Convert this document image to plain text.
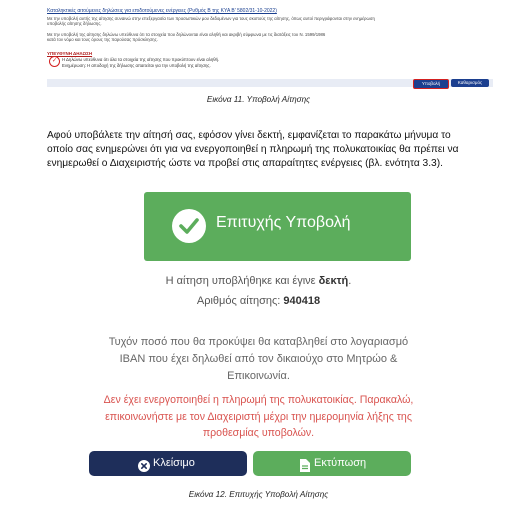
Καταληκτικές αιτούμενες δηλώσεις για επιδοτούμενες ενέργειες (Ρυθμός Β της ΚΥΑ Β' 5802/31-10-2022)
Με την υποβολή αυτής της αίτησης συναινώ στην επεξεργασία των προσωπικών μου δεδομένων για τους σκοπούς της αίτησης, όπως αυτοί περιγράφονται στην ενημέρωση
υποβολής αίτησης δήλωσης.
Με την υποβολή της αίτησης δηλώνω υπεύθυνα ότι τα στοιχεία που δηλώνονται είναι αληθή και ακριβή σύμφωνα με τις διατάξεις του Ν. 1599/1986
κατά τον νόμο και τους όρους της παρούσας πρόσκλησης.
ΥΠΕΥΘΥΝΗ ΔΗΛΩΣΗ
✓ Η Δηλώνω υπεύθυνα ότι όλα τα στοιχεία της αίτησης που προκύπτουν είναι αληθή.
Ενημέρωση: Η αποδοχή της δήλωσης απαιτείται για την υποβολή της αίτησης.
Υποβολή	Καθαρισμός
Εικόνα 11. Υποβολή Αίτησης
Αφού υποβάλετε την αίτησή σας, εφόσον γίνει δεκτή, εμφανίζεται το παρακάτω μήνυμα το οποίο σας ενημερώνει ότι για να ενεργοποιηθεί η πληρωμή της πολυκατοικίας θα πρέπει να ενημερωθεί ο Διαχειριστής ώστε να προβεί στις απαραίτητες ενέργειες (βλ. ενότητα 3.3).
Επιτυχής Υποβολή
Η αίτηση υποβλήθηκε και έγινε δεκτή.
Αριθμός αίτησης: 940418
Τυχόν ποσό που θα προκύψει θα καταβληθεί στο λογαριασμό IBAN που έχει δηλωθεί από τον δικαιούχο στο Μητρώο & Επικοινωνία.
Δεν έχει ενεργοποιηθεί η πληρωμή της πολυκατοικίας. Παρακαλώ, επικοινωνήστε με τον Διαχειριστή μέχρι την ημερομηνία λήξης της προθεσμίας υποβολών.
Κλείσιμο	Εκτύπωση
Εικόνα 12. Επιτυχής Υποβολή Αίτησης
